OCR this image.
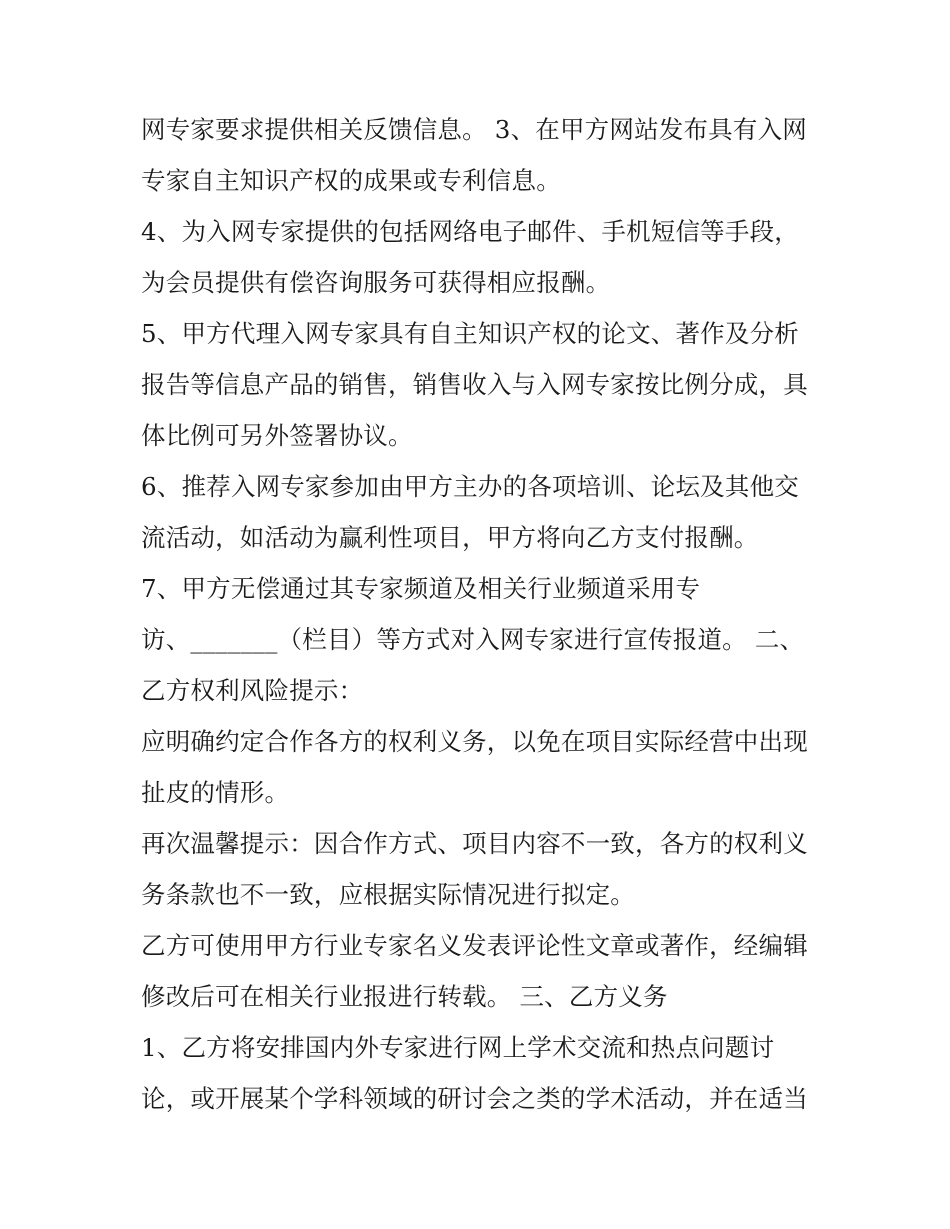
网专家要求提供相关反馈信息。 3、在甲方网站发布具有入网
专家自主知识产权的成果或专利信息。
4、为入网专家提供的包括网络电子邮件、手机短信等手段，
为会员提供有偿咨询服务可获得相应报酬。
5、甲方代理入网专家具有自主知识产权的论文、著作及分析
报告等信息产品的销售，销售收入与入网专家按比例分成，具
体比例可另外签署协议。
6、推荐入网专家参加由甲方主办的各项培训、论坛及其他交
流活动，如活动为赢利性项目，甲方将向乙方支付报酬。
7、甲方无偿通过其专家频道及相关行业频道采用专
访、_______（栏目）等方式对入网专家进行宣传报道。 二、
乙方权利风险提示：
应明确约定合作各方的权利义务，以免在项目实际经营中出现
扯皮的情形。
再次温馨提示：因合作方式、项目内容不一致，各方的权利义
务条款也不一致，应根据实际情况进行拟定。
乙方可使用甲方行业专家名义发表评论性文章或著作，经编辑
修改后可在相关行业报进行转载。 三、乙方义务
1、乙方将安排国内外专家进行网上学术交流和热点问题讨
论，或开展某个学科领域的研讨会之类的学术活动，并在适当
